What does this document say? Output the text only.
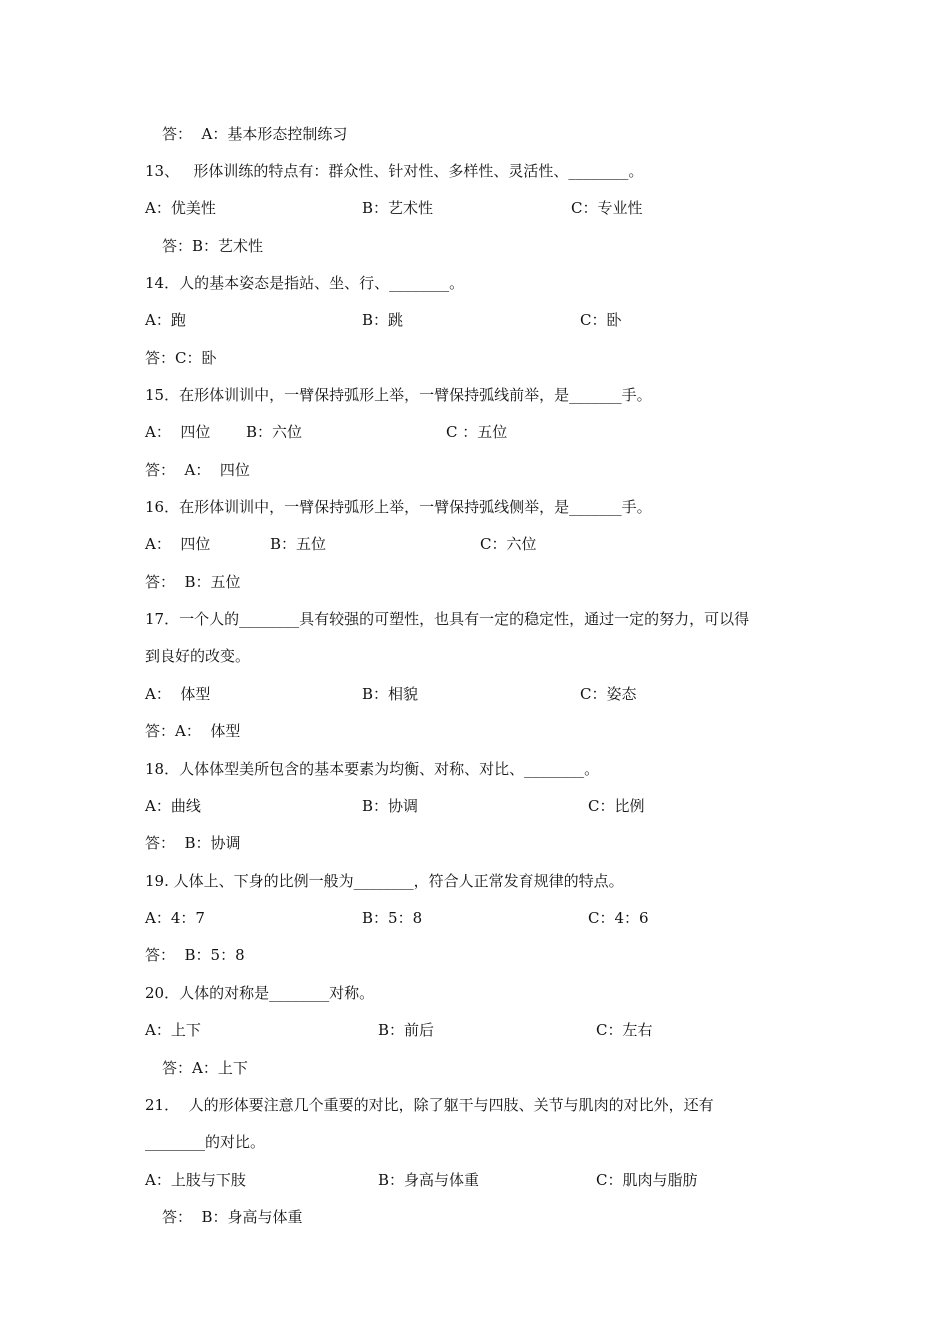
答：  A：基本形态控制练习
13、   形体训练的特点有：群众性、针对性、多样性、灵活性、________。
A：优美性	B：艺术性	C：专业性
答：B：艺术性
14．人的基本姿态是指站、坐、行、________。
A：跑	B：跳	C：卧
答：C：卧
15．在形体训训中，一臂保持弧形上举，一臂保持弧线前举，是_______手。
A：  四位 B：六位	C ：五位
答：  A：  四位
16．在形体训训中，一臂保持弧形上举，一臂保持弧线侧举，是_______手。
A：  四位	B：五位	C：六位
答：  B：五位
17．一个人的________具有较强的可塑性，也具有一定的稳定性，通过一定的努力，可以得
到良好的改变。
A：  体型	B：相貌	C：姿态
答：A：  体型
18．人体体型美所包含的基本要素为均衡、对称、对比、________。
A：曲线	B：协调	C：比例
答：  B：协调
19. 人体上、下身的比例一般为________，符合人正常发育规律的特点。
A：4：7	B：5：8	C：4：6
答：  B：5：8
20．人体的对称是________对称。
A：上下	B：前后	C：左右
答：A：上下
21．  人的形体要注意几个重要的对比，除了躯干与四肢、关节与肌肉的对比外，还有
________的对比。
A：上肢与下肢	B：身高与体重	C：肌肉与脂肪
答：  B：身高与体重
